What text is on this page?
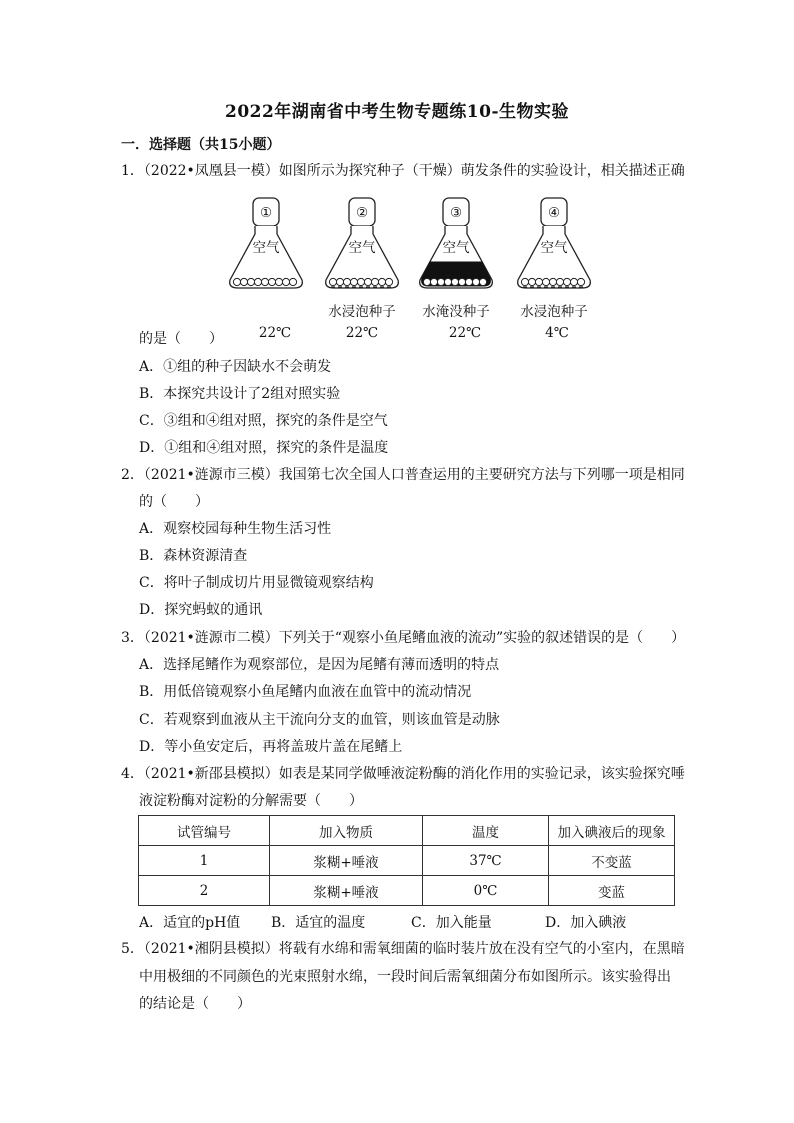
2022年湖南省中考生物专题练10-生物实验
一．选择题（共15小题）
1．（2022•凤凰县一模）如图所示为探究种子（干燥）萌发条件的实验设计，相关描述正确
①
空气
②
空气
水浸泡种子
③
空气
水淹没种子
④
空气
水浸泡种子
22℃	22℃	22℃	4℃
的是（　　）
A．①组的种子因缺水不会萌发
B．本探究共设计了2组对照实验
C．③组和④组对照，探究的条件是空气
D．①组和④组对照，探究的条件是温度
2．（2021•涟源市三模）我国第七次全国人口普查运用的主要研究方法与下列哪一项是相同
的（　　）
A．观察校园每种生物生活习性
B．森林资源清查
C．将叶子制成切片用显微镜观察结构
D．探究蚂蚁的通讯
3．（2021•涟源市二模）下列关于“观察小鱼尾鳍血液的流动”实验的叙述错误的是（　　）
A．选择尾鳍作为观察部位，是因为尾鳍有薄而透明的特点
B．用低倍镜观察小鱼尾鳍内血液在血管中的流动情况
C．若观察到血液从主干流向分支的血管，则该血管是动脉
D．等小鱼安定后，再将盖玻片盖在尾鳍上
4．（2021•新邵县模拟）如表是某同学做唾液淀粉酶的消化作用的实验记录，该实验探究唾
液淀粉酶对淀粉的分解需要（　　）
试管编号	加入物质	温度	加入碘液后的现象
1	浆糊+唾液	37℃	不变蓝
2	浆糊+唾液	0℃	变蓝
A．适宜的pH值 B．适宜的温度	C．加入能量	D．加入碘液
5．（2021•湘阴县模拟）将载有水绵和需氧细菌的临时装片放在没有空气的小室内，在黑暗
中用极细的不同颜色的光束照射水绵，一段时间后需氧细菌分布如图所示。该实验得出
的结论是（　　）
